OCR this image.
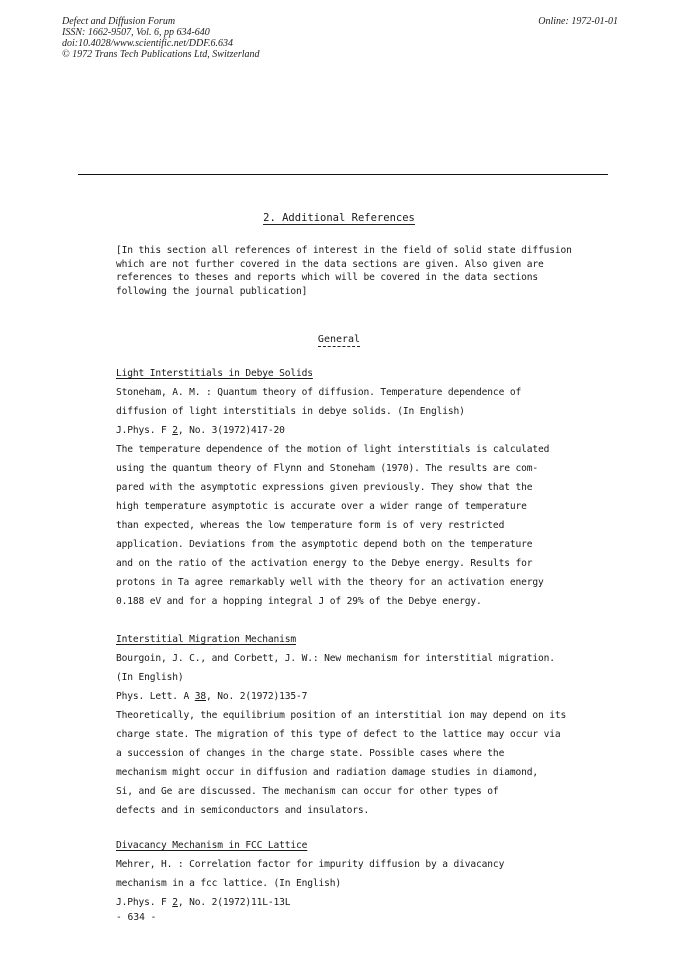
Defect and Diffusion Forum
ISSN: 1662-9507, Vol. 6, pp 634-640
doi:10.4028/www.scientific.net/DDF.6.634
© 1972 Trans Tech Publications Ltd, Switzerland
Online: 1972-01-01
2. Additional References
[In this section all references of interest in the field of solid state diffusion
which are not further covered in the data sections are given. Also given are
references to theses and reports which will be covered in the data sections
following the journal publication]
General
Light Interstitials in Debye Solids
Stoneham, A. M. : Quantum theory of diffusion. Temperature dependence of
diffusion of light interstitials in debye solids. (In English)
J.Phys. F 2, No. 3(1972)417-20
The temperature dependence of the motion of light interstitials is calculated
using the quantum theory of Flynn and Stoneham (1970). The results are com-
pared with the asymptotic expressions given previously. They show that the
high temperature asymptotic is accurate over a wider range of temperature
than expected, whereas the low temperature form is of very restricted
application. Deviations from the asymptotic depend both on the temperature
and on the ratio of the activation energy to the Debye energy. Results for
protons in Ta agree remarkably well with the theory for an activation energy
0.188 eV and for a hopping integral J of 29% of the Debye energy.
Interstitial Migration Mechanism
Bourgoin, J. C., and Corbett, J. W.: New mechanism for interstitial migration.
(In English)
Phys. Lett. A 38, No. 2(1972)135-7
Theoretically, the equilibrium position of an interstitial ion may depend on its
charge state. The migration of this type of defect to the lattice may occur via
a succession of changes in the charge state. Possible cases where the
mechanism might occur in diffusion and radiation damage studies in diamond,
Si, and Ge are discussed. The mechanism can occur for other types of
defects and in semiconductors and insulators.
Divacancy Mechanism in FCC Lattice
Mehrer, H. : Correlation factor for impurity diffusion by a divacancy
mechanism in a fcc lattice. (In English)
J.Phys. F 2, No. 2(1972)11L-13L
- 634 -
